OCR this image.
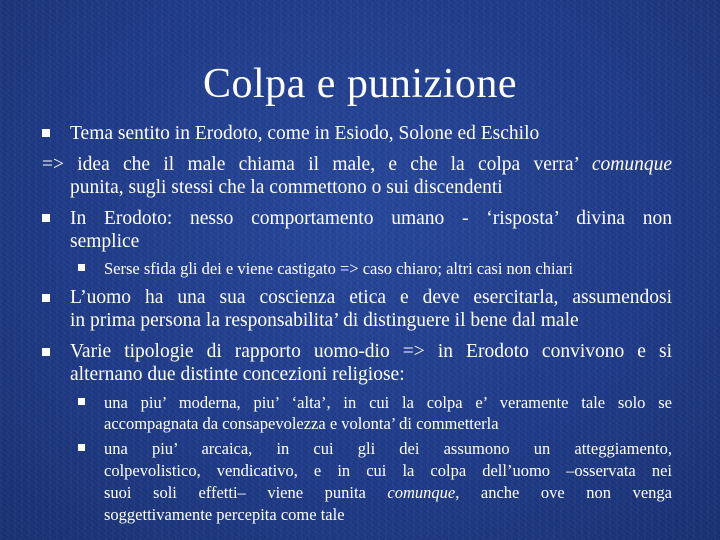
Colpa e punizione
Tema sentito in Erodoto, come in Esiodo, Solone ed Eschilo
=> idea che il male chiama il male, e che la colpa verra’ comunque
punita, sugli stessi che la commettono o sui discendenti
In Erodoto: nesso comportamento umano - ‘risposta’ divina non
semplice
Serse sfida gli dei e viene castigato => caso chiaro; altri casi non chiari
L’uomo ha una sua coscienza etica e deve esercitarla, assumendosi
in prima persona la responsabilita’ di distinguere il bene dal male
Varie tipologie di rapporto uomo-dio => in Erodoto convivono e si
alternano due distinte concezioni religiose:
una piu’ moderna, piu’ ‘alta’, in cui la colpa e’ veramente tale solo se
accompagnata da consapevolezza e volonta’ di commetterla
una piu’ arcaica, in cui gli dei assumono un atteggiamento,
colpevolistico, vendicativo, e in cui la colpa dell’uomo –osservata nei
suoi soli effetti– viene punita comunque, anche ove non venga
soggettivamente percepita come tale
